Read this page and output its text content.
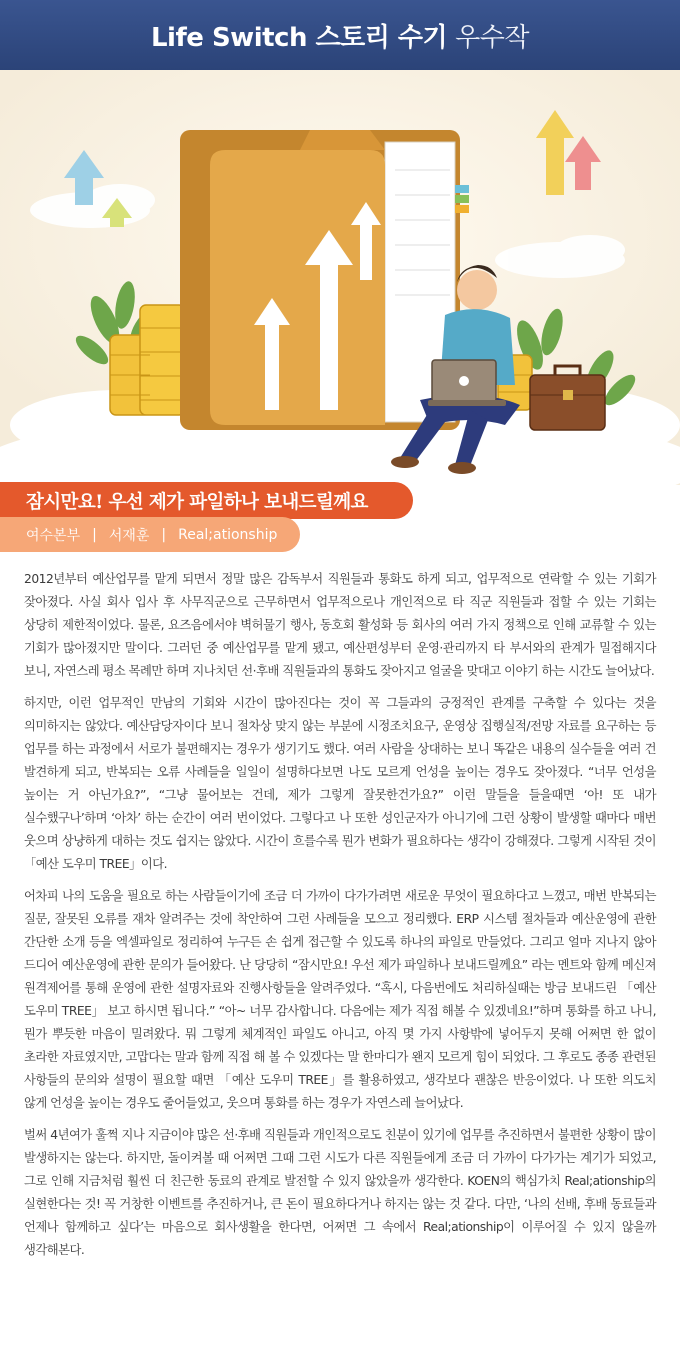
Life Switch 스토리 수기 우수작
잠시만요! 우선 제가 파일하나 보내드릴께요
여수본부 | 서재훈 | Real;ationship

2012년부터 예산업무를 맡게 되면서 정말 많은 감독부서 직원들과 통화도 하게 되고, 업무적으로 연락할 수 있는 기회가 잦아졌다. 사실 회사 입사 후 사무직군으로 근무하면서 업무적으로나 개인적으로 타 직군 직원들과 접할 수 있는 기회는 상당히 제한적이었다. 물론, 요즈음에서야 벽허물기 행사, 동호회 활성화 등 회사의 여러 가지 정책으로 인해 교류할 수 있는 기회가 많아졌지만 말이다. 그러던 중 예산업무를 맡게 됐고, 예산편성부터 운영·관리까지 타 부서와의 관계가 밀접해지다 보니, 자연스레 평소 목례만 하며 지나치던 선·후배 직원들과의 통화도 잦아지고 얼굴을 맞대고 이야기 하는 시간도 늘어났다.

하지만, 이런 업무적인 만남의 기회와 시간이 많아진다는 것이 꼭 그들과의 긍정적인 관계를 구축할 수 있다는 것을 의미하지는 않았다. 예산담당자이다 보니 절차상 맞지 않는 부분에 시정조치요구, 운영상 집행실적/전망 자료를 요구하는 등 업무를 하는 과정에서 서로가 불편해지는 경우가 생기기도 했다. 여러 사람을 상대하는 보니 똑같은 내용의 실수들을 여러 건 발견하게 되고, 반복되는 오류 사례들을 일일이 설명하다보면 나도 모르게 언성을 높이는 경우도 잦아졌다. “너무 언성을 높이는 거 아닌가요?”, “그냥 물어보는 건데, 제가 그렇게 잘못한건가요?” 이런 말들을 들을때면 ‘아! 또 내가 실수했구나’하며 ‘아차’ 하는 순간이 여러 번이었다. 그렇다고 나 또한 성인군자가 아니기에 그런 상황이 발생할 때마다 매번 웃으며 상냥하게 대하는 것도 쉽지는 않았다. 시간이 흐를수록 뭔가 변화가 필요하다는 생각이 강해졌다. 그렇게 시작된 것이 「예산 도우미 TREE」이다.

어차피 나의 도움을 필요로 하는 사람들이기에 조금 더 가까이 다가가려면 새로운 무엇이 필요하다고 느꼈고, 매번 반복되는 질문, 잘못된 오류를 재차 알려주는 것에 착안하여 그런 사례들을 모으고 정리했다. ERP 시스템 절차들과 예산운영에 관한 간단한 소개 등을 엑셀파일로 정리하여 누구든 손 쉽게 접근할 수 있도록 하나의 파일로 만들었다. 그리고 얼마 지나지 않아 드디어 예산운영에 관한 문의가 들어왔다. 난 당당히 “잠시만요! 우선 제가 파일하나 보내드릴께요” 라는 멘트와 함께 메신져 원격제어를 통해 운영에 관한 설명자료와 진행사항들을 알려주었다. “혹시, 다음번에도 처리하실때는 방금 보내드린 「예산 도우미 TREE」 보고 하시면 됩니다.” “아~ 너무 감사합니다. 다음에는 제가 직접 해볼 수 있겠네요!”하며 통화를 하고 나니, 뭔가 뿌듯한 마음이 밀려왔다. 뭐 그렇게 체계적인 파일도 아니고, 아직 몇 가지 사항밖에 넣어두지 못해 어쩌면 한 없이 초라한 자료였지만, 고맙다는 말과 함께 직접 해 볼 수 있겠다는 말 한마디가 왠지 모르게 힘이 되었다. 그 후로도 종종 관련된 사항들의 문의와 설명이 필요할 때면 「예산 도우미 TREE」를 활용하였고, 생각보다 괜찮은 반응이었다. 나 또한 의도치 않게 언성을 높이는 경우도 줄어들었고, 웃으며 통화를 하는 경우가 자연스레 늘어났다.

벌써 4년여가 훌쩍 지나 지금이야 많은 선·후배 직원들과 개인적으로도 친분이 있기에 업무를 추진하면서 불편한 상황이 많이 발생하지는 않는다. 하지만, 돌이켜볼 때 어쩌면 그때 그런 시도가 다른 직원들에게 조금 더 가까이 다가가는 계기가 되었고, 그로 인해 지금처럼 훨씬 더 친근한 동료의 관계로 발전할 수 있지 않았을까 생각한다. KOEN의 핵심가치 Real;ationship의 실현한다는 것! 꼭 거창한 이벤트를 추진하거나, 큰 돈이 필요하다거나 하지는 않는 것 같다. 다만, ‘나의 선배, 후배 동료들과 언제나 함께하고 싶다’는 마음으로 회사생활을 한다면, 어쩌면 그 속에서 Real;ationship이 이루어질 수 있지 않을까 생각해본다.
